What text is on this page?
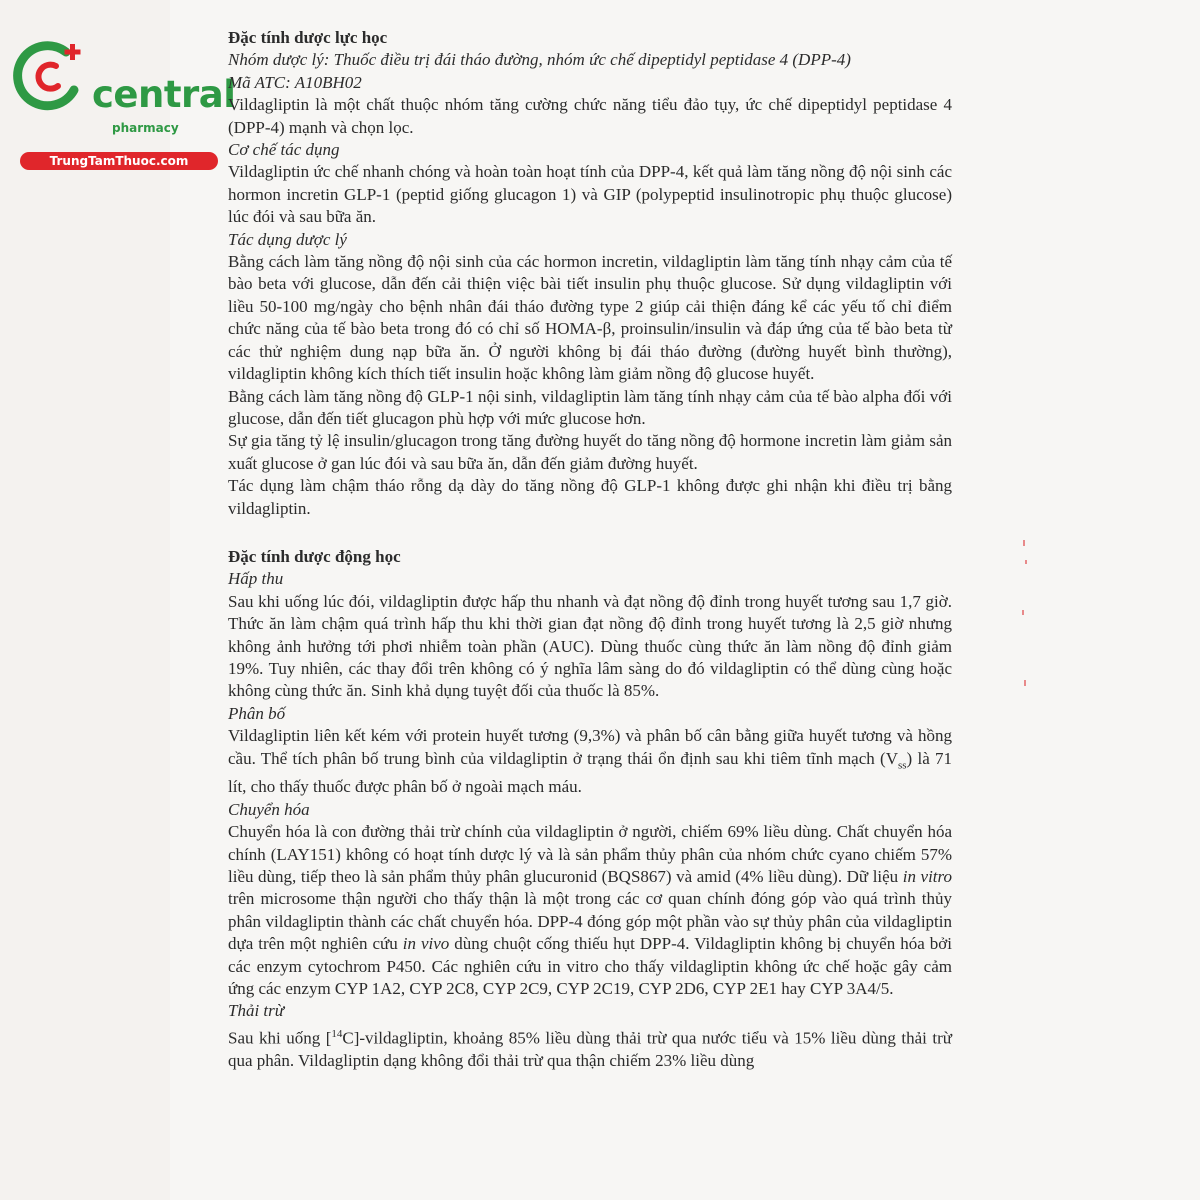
central
pharmacy
TrungTamThuoc.com

Đặc tính dược lực học

Nhóm dược lý: Thuốc điều trị đái tháo đường, nhóm ức chế dipeptidyl peptidase 4 (DPP-4)

Mã ATC: A10BH02

Vildagliptin là một chất thuộc nhóm tăng cường chức năng tiểu đảo tụy, ức chế dipeptidyl peptidase 4 (DPP-4) mạnh và chọn lọc.

Cơ chế tác dụng

Vildagliptin ức chế nhanh chóng và hoàn toàn hoạt tính của DPP-4, kết quả làm tăng nồng độ nội sinh các hormon incretin GLP-1 (peptid giống glucagon 1) và GIP (polypeptid insulinotropic phụ thuộc glucose) lúc đói và sau bữa ăn.

Tác dụng dược lý

Bằng cách làm tăng nồng độ nội sinh của các hormon incretin, vildagliptin làm tăng tính nhạy cảm của tế bào beta với glucose, dẫn đến cải thiện việc bài tiết insulin phụ thuộc glucose. Sử dụng vildagliptin với liều 50-100 mg/ngày cho bệnh nhân đái tháo đường type 2 giúp cải thiện đáng kể các yếu tố chỉ điểm chức năng của tế bào beta trong đó có chỉ số HOMA-β, proinsulin/insulin và đáp ứng của tế bào beta từ các thử nghiệm dung nạp bữa ăn. Ở người không bị đái tháo đường (đường huyết bình thường), vildagliptin không kích thích tiết insulin hoặc không làm giảm nồng độ glucose huyết.

Bằng cách làm tăng nồng độ GLP-1 nội sinh, vildagliptin làm tăng tính nhạy cảm của tế bào alpha đối với glucose, dẫn đến tiết glucagon phù hợp với mức glucose hơn.

Sự gia tăng tỷ lệ insulin/glucagon trong tăng đường huyết do tăng nồng độ hormone incretin làm giảm sản xuất glucose ở gan lúc đói và sau bữa ăn, dẫn đến giảm đường huyết.

Tác dụng làm chậm tháo rỗng dạ dày do tăng nồng độ GLP-1 không được ghi nhận khi điều trị bằng vildagliptin.

Đặc tính dược động học

Hấp thu

Sau khi uống lúc đói, vildagliptin được hấp thu nhanh và đạt nồng độ đỉnh trong huyết tương sau 1,7 giờ. Thức ăn làm chậm quá trình hấp thu khi thời gian đạt nồng độ đỉnh trong huyết tương là 2,5 giờ nhưng không ảnh hưởng tới phơi nhiễm toàn phần (AUC). Dùng thuốc cùng thức ăn làm nồng độ đỉnh giảm 19%. Tuy nhiên, các thay đổi trên không có ý nghĩa lâm sàng do đó vildagliptin có thể dùng cùng hoặc không cùng thức ăn. Sinh khả dụng tuyệt đối của thuốc là 85%.

Phân bố

Vildagliptin liên kết kém với protein huyết tương (9,3%) và phân bố cân bằng giữa huyết tương và hồng cầu. Thể tích phân bố trung bình của vildagliptin ở trạng thái ổn định sau khi tiêm tĩnh mạch $(V_{ss})$ là 71 lít, cho thấy thuốc được phân bố ở ngoài mạch máu.

Chuyển hóa

Chuyển hóa là con đường thải trừ chính của vildagliptin ở người, chiếm 69% liều dùng. Chất chuyển hóa chính (LAY151) không có hoạt tính dược lý và là sản phẩm thủy phân của nhóm chức cyano chiếm 57% liều dùng, tiếp theo là sản phẩm thủy phân glucuronid (BQS867) và amid (4% liều dùng). Dữ liệu in vitro trên microsome thận người cho thấy thận là một trong các cơ quan chính đóng góp vào quá trình thủy phân vildagliptin thành các chất chuyển hóa. DPP-4 đóng góp một phần vào sự thủy phân của vildagliptin dựa trên một nghiên cứu in vivo dùng chuột cống thiếu hụt DPP-4. Vildagliptin không bị chuyển hóa bởi các enzym cytochrom P450. Các nghiên cứu in vitro cho thấy vildagliptin không ức chế hoặc gây cảm ứng các enzym CYP 1A2, CYP 2C8, CYP 2C9, CYP 2C19, CYP 2D6, CYP 2E1 hay CYP 3A4/5.

Thải trừ

Sau khi uống [$^{14}$C]-vildagliptin, khoảng 85% liều dùng thải trừ qua nước tiểu và 15% liều dùng thải trừ qua phân. Vildagliptin dạng không đổi thải trừ qua thận chiếm 23% liều dùng
